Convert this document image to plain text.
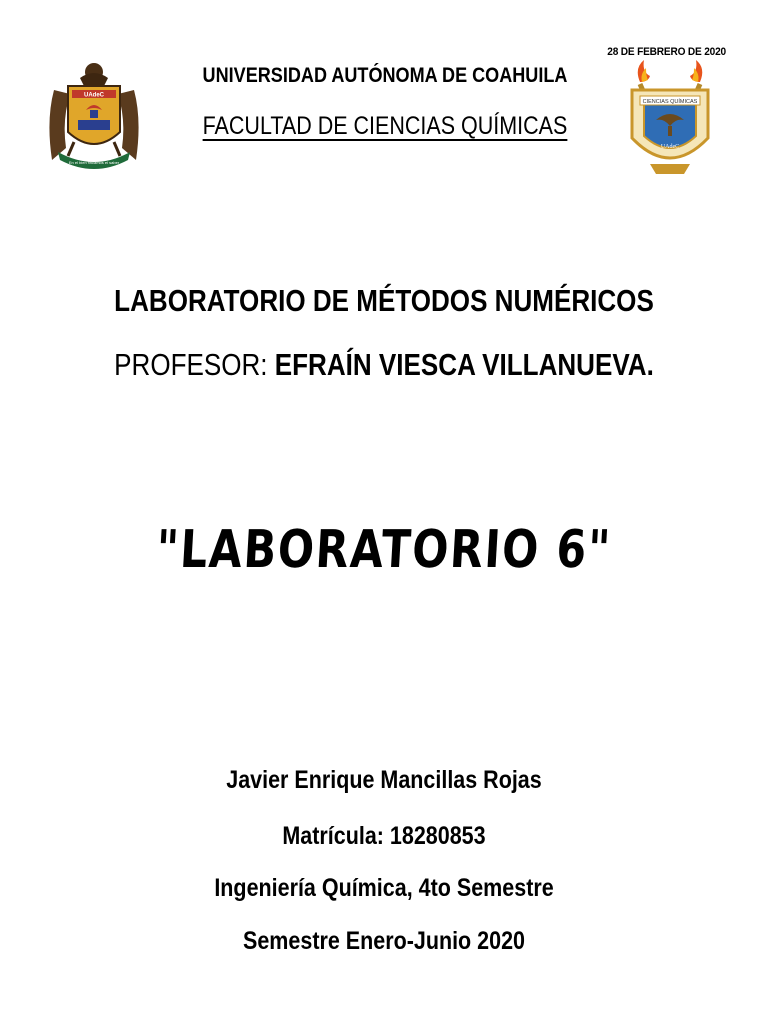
28 DE FEBRERO DE 2020
UNIVERSIDAD AUTÓNOMA DE COAHUILA
FACULTAD DE CIENCIAS QUÍMICAS
UAdeC
En el bien fincamos el saber
CIENCIAS QUÍMICAS
UAdeC
LABORATORIO DE MÉTODOS NUMÉRICOS
PROFESOR: EFRAÍN VIESCA VILLANUEVA.
"LABORATORIO 6"
Javier Enrique Mancillas Rojas
Matrícula: 18280853
Ingeniería Química, 4to Semestre
Semestre Enero-Junio 2020
